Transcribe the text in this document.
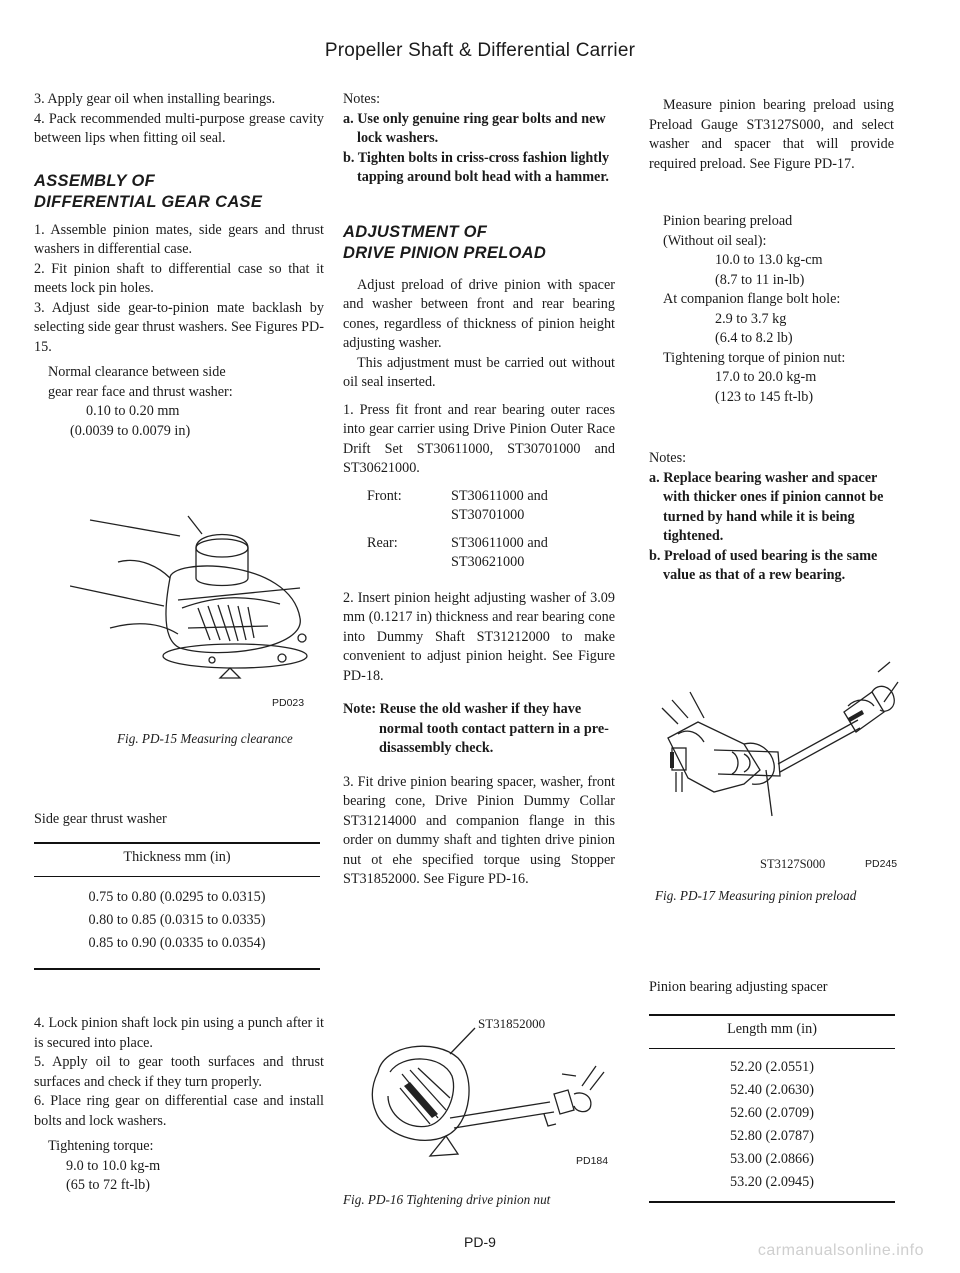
Propeller Shaft & Differential Carrier

3. Apply gear oil when installing bearings.

4. Pack recommended multi-purpose grease cavity between lips when fitting oil seal.

ASSEMBLY OF
DIFFERENTIAL GEAR CASE

1. Assemble pinion mates, side gears and thrust washers in differential case.

2. Fit pinion shaft to differential case so that it meets lock pin holes.

3. Adjust side gear-to-pinion mate backlash by selecting side gear thrust washers. See Figures PD-15.

Normal clearance between side
gear rear face and thrust washer:
0.10 to 0.20 mm
(0.0039 to 0.0079 in)
PD023
Fig. PD-15 Measuring clearance
Side gear thrust washer
Thickness mm (in)
0.75 to 0.80 (0.0295 to 0.0315)
0.80 to 0.85 (0.0315 to 0.0335)
0.85 to 0.90 (0.0335 to 0.0354)

4. Lock pinion shaft lock pin using a punch after it is secured into place.

5. Apply oil to gear tooth surfaces and thrust surfaces and check if they turn properly.

6. Place ring gear on differential case and install bolts and lock washers.

Tightening torque:
9.0 to 10.0 kg-m
(65 to 72 ft-lb)

Notes:

a. Use only genuine ring gear bolts and new lock washers.

b. Tighten bolts in criss-cross fashion lightly tapping around bolt head with a hammer.

ADJUSTMENT OF
DRIVE PINION PRELOAD

Adjust preload of drive pinion with spacer and washer between front and rear bearing cones, regardless of thickness of pinion height adjusting washer.

This adjustment must be carried out without oil seal inserted.

1. Press fit front and rear bearing outer races into gear carrier using Drive Pinion Outer Race Drift Set ST30611000, ST30701000 and ST30621000.

Front:	ST30611000 and
ST30701000
Rear:	ST30611000 and
ST30621000

2. Insert pinion height adjusting washer of 3.09 mm (0.1217 in) thickness and rear bearing cone into Dummy Shaft ST31212000 to make convenient to adjust pinion height. See Figure PD-18.

Note: Reuse the old washer if they have normal tooth contact pattern in a pre-disassembly check.

3. Fit drive pinion bearing spacer, washer, front bearing cone, Drive Pinion Dummy Collar ST31214000 and companion flange in this order on dummy shaft and tighten drive pinion nut ot ehe specified torque using Stopper ST31852000. See Figure PD-16.

ST31852000
PD184
Fig. PD-16 Tightening drive pinion nut

Measure pinion bearing preload using Preload Gauge ST3127S000, and select washer and spacer that will provide required preload. See Figure PD-17.

Pinion bearing preload
(Without oil seal):
10.0 to 13.0 kg-cm
(8.7 to 11 in-lb)
At companion flange bolt hole:
2.9 to 3.7 kg
(6.4 to 8.2 lb)
Tightening torque of pinion nut:
17.0 to 20.0 kg-m
(123 to 145 ft-lb)

Notes:

a. Replace bearing washer and spacer with thicker ones if pinion cannot be turned by hand while it is being tightened.

b. Preload of used bearing is the same value as that of a rew bearing.

ST3127S000	PD245
Fig. PD-17 Measuring pinion preload
Pinion bearing adjusting spacer
Length mm (in)
52.20 (2.0551)
52.40 (2.0630)
52.60 (2.0709)
52.80 (2.0787)
53.00 (2.0866)
53.20 (2.0945)
PD-9	carmanualsonline.info
